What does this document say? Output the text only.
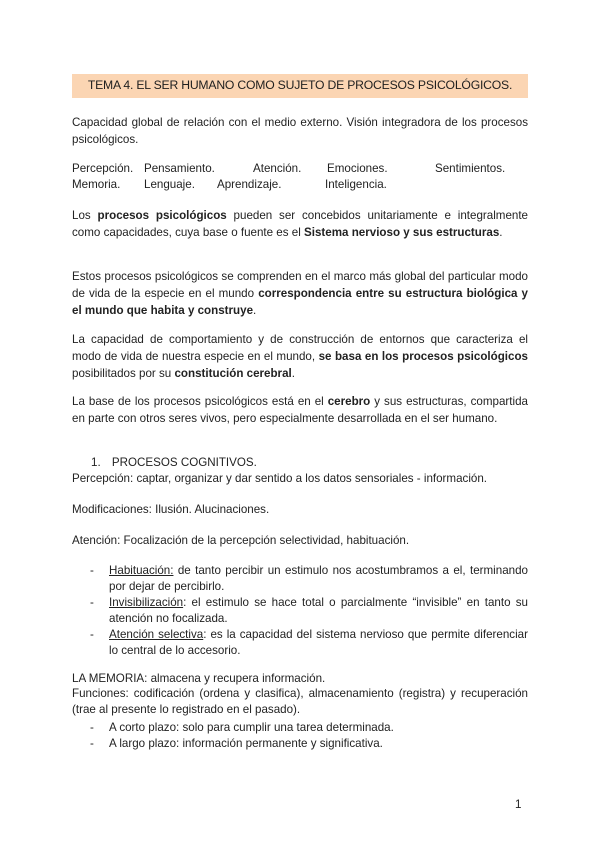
TEMA 4. EL SER HUMANO COMO SUJETO DE PROCESOS PSICOLÓGICOS.

Capacidad global de relación con el medio externo. Visión integradora de los procesos psicológicos.

Percepción. Pensamiento.	Atención. Emociones.	Sentimientos.
Memoria. Lenguaje. Aprendizaje.	Inteligencia.

Los procesos psicológicos pueden ser concebidos unitariamente e integralmente como capacidades, cuya base o fuente es el Sistema nervioso y sus estructuras.

Estos procesos psicológicos se comprenden en el marco más global del particular modo de vida de la especie en el mundo correspondencia entre su estructura biológica y el mundo que habita y construye.

La capacidad de comportamiento y de construcción de entornos que caracteriza el modo de vida de nuestra especie en el mundo, se basa en los procesos psicológicos posibilitados por su constitución cerebral.

La base de los procesos psicológicos está en el cerebro y sus estructuras, compartida en parte con otros seres vivos, pero especialmente desarrollada en el ser humano.

1. PROCESOS COGNITIVOS.

Percepción: captar, organizar y dar sentido a los datos sensoriales - información.

Modificaciones: Ilusión. Alucinaciones.

Atención: Focalización de la percepción selectividad, habituación.

- Habituación: de tanto percibir un estimulo nos acostumbramos a el, terminando por dejar de percibirlo.
- Invisibilización: el estimulo se hace total o parcialmente “invisible” en tanto su atención no focalizada.
- Atención selectiva: es la capacidad del sistema nervioso que permite diferenciar lo central de lo accesorio.

LA MEMORIA: almacena y recupera información.

Funciones: codificación (ordena y clasifica), almacenamiento (registra) y recuperación (trae al presente lo registrado en el pasado).

- A corto plazo: solo para cumplir una tarea determinada.
- A largo plazo: información permanente y significativa.
1
